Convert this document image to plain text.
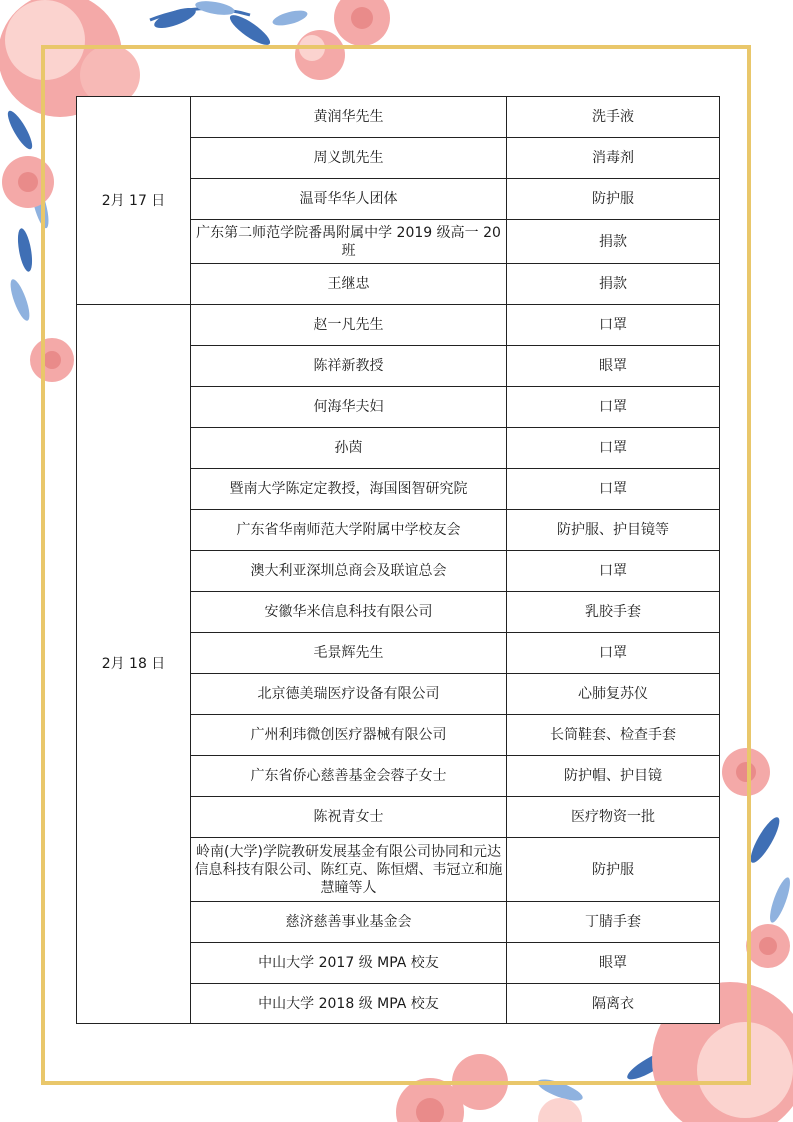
2月 17 日	黄润华先生	洗手液
	周义凯先生	消毒剂
	温哥华华人团体	防护服
	广东第二师范学院番禺附属中学 2019 级高一 20 班	捐款
	王继忠	捐款
2月 18 日	赵一凡先生	口罩
	陈祥新教授	眼罩
	何海华夫妇	口罩
	孙茵	口罩
	暨南大学陈定定教授，海国图智研究院	口罩
	广东省华南师范大学附属中学校友会	防护服、护目镜等
	澳大利亚深圳总商会及联谊总会	口罩
	安徽华米信息科技有限公司	乳胶手套
	毛景辉先生	口罩
	北京德美瑞医疗设备有限公司	心肺复苏仪
	广州利玮微创医疗器械有限公司	长筒鞋套、检查手套
	广东省侨心慈善基金会蓉子女士	防护帽、护目镜
	陈祝青女士	医疗物资一批
	岭南(大学)学院教研发展基金有限公司协同和元达信息科技有限公司、陈红克、陈恒熠、韦冠立和施慧瞳等人	防护服
	慈济慈善事业基金会	丁腈手套
	中山大学 2017 级 MPA 校友	眼罩
	中山大学 2018 级 MPA 校友	隔离衣
